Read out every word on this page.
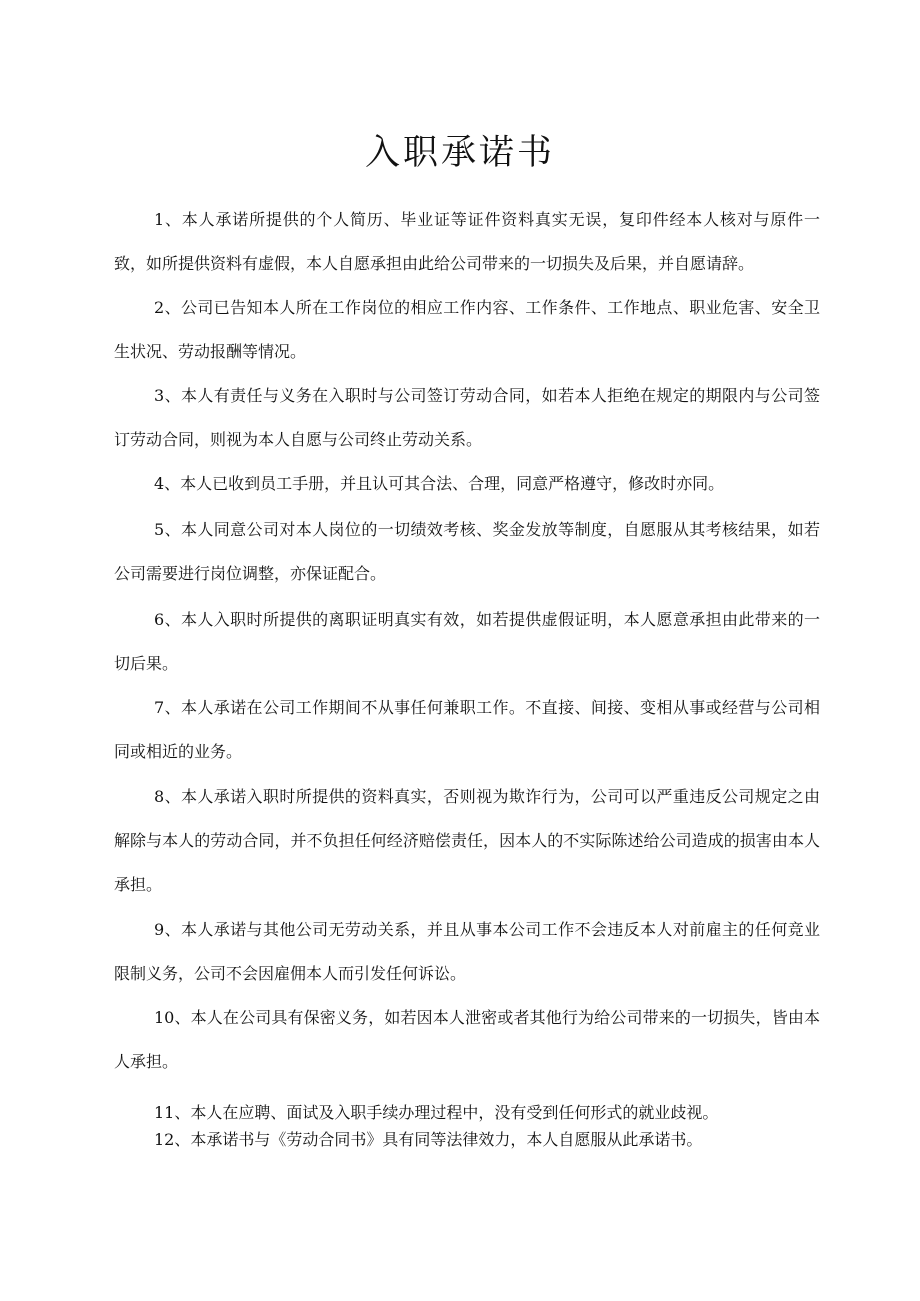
入职承诺书

1、本人承诺所提供的个人简历、毕业证等证件资料真实无误，复印件经本人核对与原件一致，如所提供资料有虚假，本人自愿承担由此给公司带来的一切损失及后果，并自愿请辞。

2、公司已告知本人所在工作岗位的相应工作内容、工作条件、工作地点、职业危害、安全卫生状况、劳动报酬等情况。

3、本人有责任与义务在入职时与公司签订劳动合同，如若本人拒绝在规定的期限内与公司签订劳动合同，则视为本人自愿与公司终止劳动关系。

4、本人已收到员工手册，并且认可其合法、合理，同意严格遵守，修改时亦同。

5、本人同意公司对本人岗位的一切绩效考核、奖金发放等制度，自愿服从其考核结果，如若公司需要进行岗位调整，亦保证配合。

6、本人入职时所提供的离职证明真实有效，如若提供虚假证明，本人愿意承担由此带来的一切后果。

7、本人承诺在公司工作期间不从事任何兼职工作。不直接、间接、变相从事或经营与公司相同或相近的业务。

8、本人承诺入职时所提供的资料真实，否则视为欺诈行为，公司可以严重违反公司规定之由解除与本人的劳动合同，并不负担任何经济赔偿责任，因本人的不实际陈述给公司造成的损害由本人承担。

9、本人承诺与其他公司无劳动关系，并且从事本公司工作不会违反本人对前雇主的任何竞业限制义务，公司不会因雇佣本人而引发任何诉讼。

10、本人在公司具有保密义务，如若因本人泄密或者其他行为给公司带来的一切损失，皆由本人承担。

11、本人在应聘、面试及入职手续办理过程中，没有受到任何形式的就业歧视。

12、本承诺书与《劳动合同书》具有同等法律效力，本人自愿服从此承诺书。
